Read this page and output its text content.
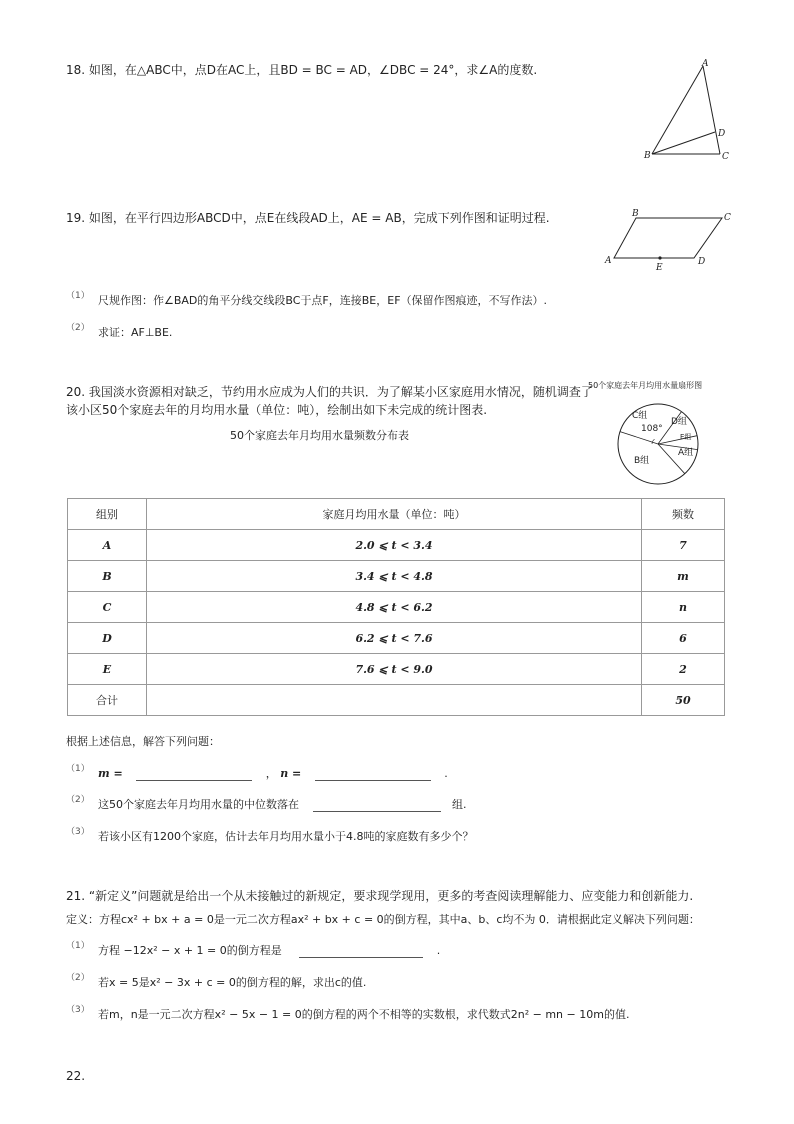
18. 如图，在△ABC中，点D在AC上，且BD = BC = AD，∠DBC = 24°，求∠A的度数.	A
B	C
D
19. 如图，在平行四边形ABCD中，点E在线段AD上，AE = AB，完成下列作图和证明过程.	B	C
A	D
E
（1） 尺规作图：作∠BAD的角平分线交线段BC于点F，连接BE，EF（保留作图痕迹，不写作法）.
（2） 求证：AF⊥BE.
20. 我国淡水资源相对缺乏，节约用水应成为人们的共识．为了解某小区家庭用水情况，随机调查了
该小区50个家庭去年的月均用水量（单位：吨），绘制出如下未完成的统计图表.
50个家庭去年月均用水量频数分布表
50个家庭去年月均用水量扇形图
C组
108°
D组
E组
A组
B组
组别	家庭月均用水量（单位：吨）	频数
A	2.0 ⩽ t < 3.4	7
B	3.4 ⩽ t < 4.8	m
C	4.8 ⩽ t < 6.2	n
D	6.2 ⩽ t < 7.6	6
E	7.6 ⩽ t < 9.0	2
合计		50
根据上述信息，解答下列问题：
（1） m =	， n =	.
（2） 这50个家庭去年月均用水量的中位数落在	组.
（3） 若该小区有1200个家庭，估计去年月均用水量小于4.8吨的家庭数有多少个？
21. “新定义”问题就是给出一个从未接触过的新规定，要求现学现用，更多的考查阅读理解能力、应变能力和创新能力.
定义：方程cx² + bx + a = 0是一元二次方程ax² + bx + c = 0的倒方程，其中a、b、c均不为 0．请根据此定义解决下列问题：
（1） 方程 −12x² − x + 1 = 0的倒方程是	.
（2） 若x = 5是x² − 3x + c = 0的倒方程的解，求出c的值.
（3） 若m，n是一元二次方程x² − 5x − 1 = 0的倒方程的两个不相等的实数根，求代数式2n² − mn − 10m的值.
22.
